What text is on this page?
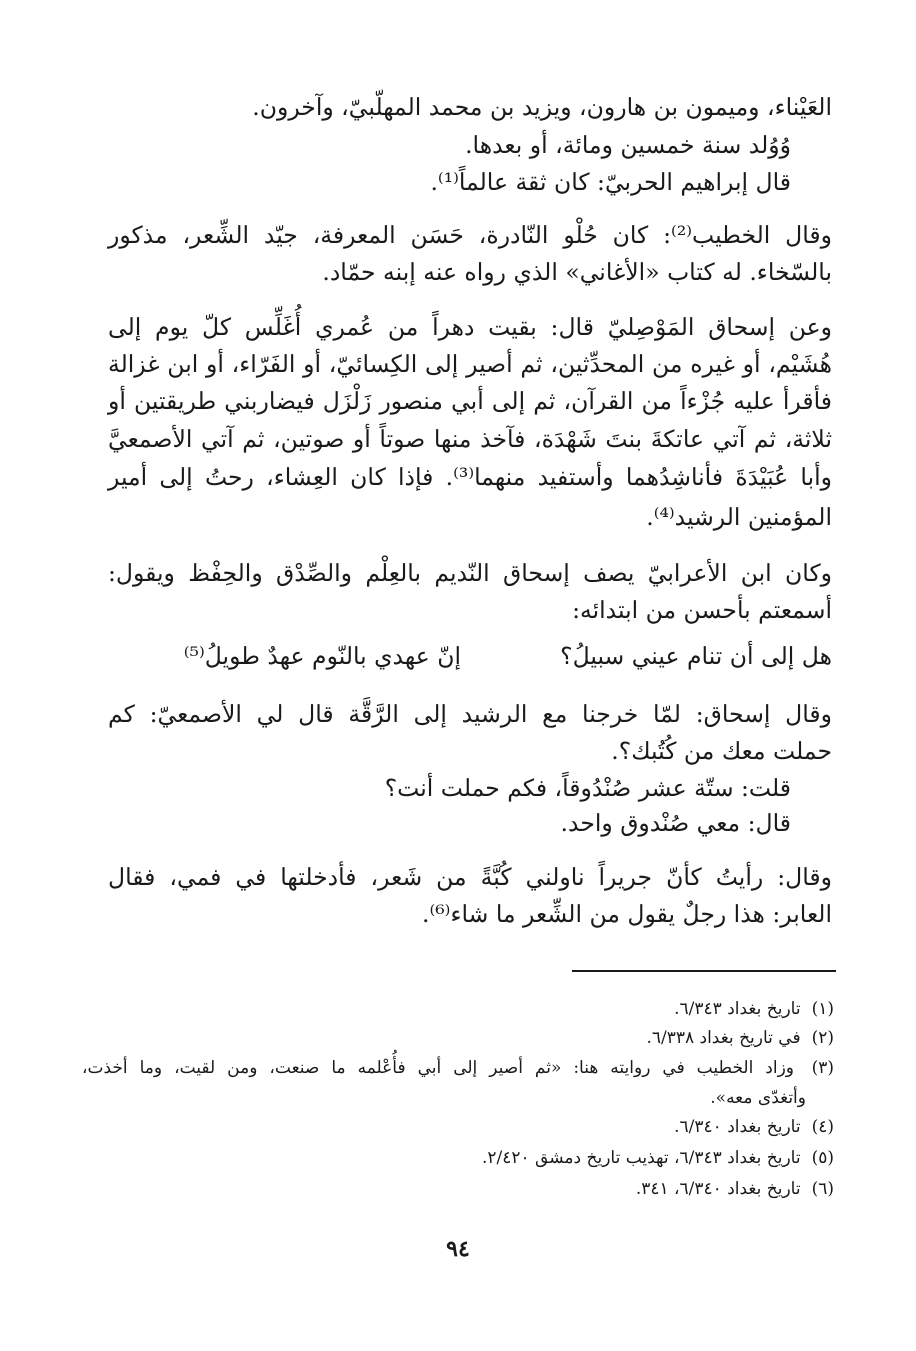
العَيْناء، وميمون بن هارون، ويزيد بن محمد المهلّبيّ، وآخرون.
وُوُلد سنة خمسين ومائة، أو بعدها.
قال إبراهيم الحربيّ: كان ثقة عالماً⁽¹⁾.
وقال الخطيب⁽²⁾: كان حُلْو النّادرة، حَسَن المعرفة، جيّد الشِّعر، مذكور
بالسّخاء. له كتاب «الأغاني» الذي رواه عنه إبنه حمّاد.
وعن إسحاق المَوْصِليّ قال: بقيت دهراً من عُمري أُغَلِّس كلّ يوم إلى
هُشَيْم، أو غيره من المحدِّثين، ثم أصير إلى الكِسائيّ، أو الفَرّاء، أو ابن غزالة
فأقرأ عليه جُزْءاً من القرآن، ثم إلى أبي منصور زَلْزَل فيضاربني طريقتين أو
ثلاثة، ثم آتي عاتكةَ بنتَ شَهْدَة، فآخذ منها صوتاً أو صوتين، ثم آتي الأصمعيَّ
وأبا عُبَيْدَةَ فأناشِدُهما وأستفيد منهما⁽³⁾. فإذا كان العِشاء، رحتُ إلى أمير
المؤمنين الرشيد⁽⁴⁾.
وكان ابن الأعرابيّ يصف إسحاق النّديم بالعِلْم والصِّدْق والحِفْظ ويقول:
أسمعتم بأحسن من ابتدائه:
هل إلى أن تنام عيني سبيلُ؟
إنّ عهدي بالنّوم عهدٌ طويلُ⁽⁵⁾
وقال إسحاق: لمّا خرجنا مع الرشيد إلى الرَّقَّة قال لي الأصمعيّ: كم
حملت معك من كُتُبك؟.
قلت: ستّة عشر صُنْدُوقاً، فكم حملت أنت؟
قال: معي صُنْدوق واحد.
وقال: رأيتُ كأنّ جريراً ناولني كُبَّةً من شَعر، فأدخلتها في فمي، فقال
العابر: هذا رجلٌ يقول من الشِّعر ما شاء⁽⁶⁾.
(١) تاريخ بغداد ٦/٣٤٣.
(٢) في تاريخ بغداد ٦/٣٣٨.
(٣) وزاد الخطيب في روايته هنا: «ثم أصير إلى أبي فأُعْلمه ما صنعت، ومن لقيت، وما أخذت،
وأتغدّى معه».
(٤) تاريخ بغداد ٦/٣٤٠.
(٥) تاريخ بغداد ٦/٣٤٣، تهذيب تاريخ دمشق ٢/٤٢٠.
(٦) تاريخ بغداد ٦/٣٤٠، ٣٤١.
٩٤
